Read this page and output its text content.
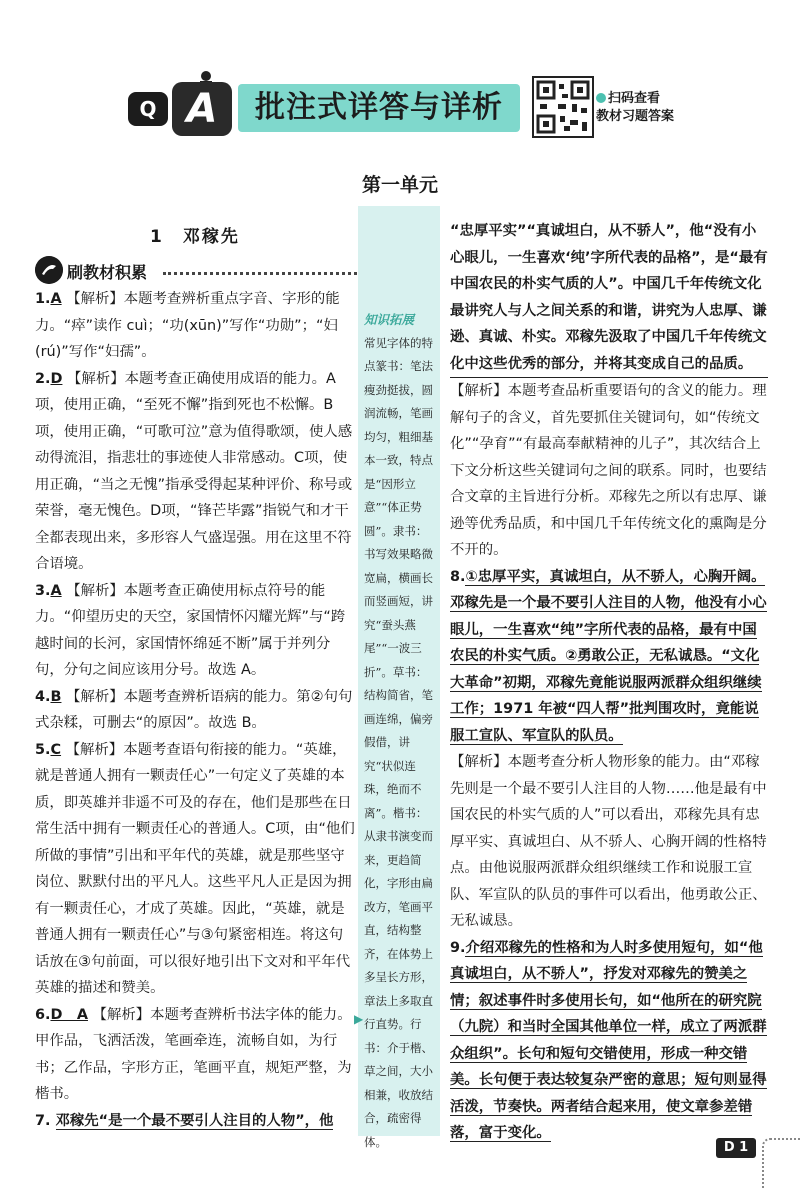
Q A	批注式详答与详析	扫码查看
教材习题答案
第一单元
1　邓稼先
刷教材积累

1.A 【解析】本题考查辨析重点字音、字形的能力。“瘁”读作 cuì；“功(xūn)”写作“功勋”；“妇(rú)”写作“妇孺”。

2.D 【解析】本题考查正确使用成语的能力。A项，使用正确，“至死不懈”指到死也不松懈。B项，使用正确，“可歌可泣”意为值得歌颂，使人感动得流泪，指悲壮的事迹使人非常感动。C项，使用正确，“当之无愧”指承受得起某种评价、称号或荣誉，毫无愧色。D项，“锋芒毕露”指锐气和才干全都表现出来，多形容人气盛逞强。用在这里不符合语境。

3.A 【解析】本题考查正确使用标点符号的能力。“仰望历史的天空，家国情怀闪耀光辉”与“跨越时间的长河，家国情怀绵延不断”属于并列分句，分句之间应该用分号。故选 A。

4.B 【解析】本题考查辨析语病的能力。第②句句式杂糅，可删去“的原因”。故选 B。

5.C 【解析】本题考查语句衔接的能力。“英雄，就是普通人拥有一颗责任心”一句定义了英雄的本质，即英雄并非遥不可及的存在，他们是那些在日常生活中拥有一颗责任心的普通人。C项，由“他们所做的事情”引出和平年代的英雄，就是那些坚守岗位、默默付出的平凡人。这些平凡人正是因为拥有一颗责任心，才成了英雄。因此，“英雄，就是普通人拥有一颗责任心”与③句紧密相连。将这句话放在③句前面，可以很好地引出下文对和平年代英雄的描述和赞美。

6.D　A 【解析】本题考查辨析书法字体的能力。甲作品，飞洒活泼，笔画牵连，流畅自如，为行书；乙作品，字形方正，笔画平直，规矩严整，为楷书。

7. 邓稼先“是一个最不要引人注目的人物”，他

知识拓展
常见字体的特点篆书：笔法瘦劲挺拔，圆润流畅，笔画均匀，粗细基本一致，特点是“因形立意”“体正势圆”。隶书：书写效果略微宽扁，横画长而竖画短，讲究“蚕头燕尾”“一波三折”。草书：结构简省，笔画连绵，偏旁假借，讲究“状似连珠，绝而不离”。楷书：从隶书演变而来，更趋简化，字形由扁改方，笔画平直，结构整齐，在体势上多呈长方形，章法上多取直行直势。行书：介于楷、草之间，大小相兼，收放结合，疏密得体。
▶

“忠厚平实”“真诚坦白，从不骄人”，他“没有小心眼儿，一生喜欢‘纯’字所代表的品格”，是“最有中国农民的朴实气质的人”。中国几千年传统文化最讲究人与人之间关系的和谐，讲究为人忠厚、谦逊、真诚、朴实。邓稼先汲取了中国几千年传统文化中这些优秀的部分，并将其变成自己的品质。

【解析】本题考查品析重要语句的含义的能力。理解句子的含义，首先要抓住关键词句，如“传统文化”“孕育”“有最高奉献精神的儿子”，其次结合上下文分析这些关键词句之间的联系。同时，也要结合文章的主旨进行分析。邓稼先之所以有忠厚、谦逊等优秀品质，和中国几千年传统文化的熏陶是分不开的。

8.①忠厚平实，真诚坦白，从不骄人，心胸开阔。邓稼先是一个最不要引人注目的人物，他没有小心眼儿，一生喜欢“纯”字所代表的品格，最有中国农民的朴实气质。②勇敢公正，无私诚恳。“文化大革命”初期，邓稼先竟能说服两派群众组织继续工作；1971 年被“四人帮”批判围攻时，竟能说服工宣队、军宣队的队员。

【解析】本题考查分析人物形象的能力。由“邓稼先则是一个最不要引人注目的人物……他是最有中国农民的朴实气质的人”可以看出，邓稼先具有忠厚平实、真诚坦白、从不骄人、心胸开阔的性格特点。由他说服两派群众组织继续工作和说服工宣队、军宣队的队员的事件可以看出，他勇敢公正、无私诚恳。

9.介绍邓稼先的性格和为人时多使用短句，如“他真诚坦白，从不骄人”，抒发对邓稼先的赞美之情；叙述事件时多使用长句，如“他所在的研究院（九院）和当时全国其他单位一样，成立了两派群众组织”。长句和短句交错使用，形成一种交错美。长句便于表达较复杂严密的意思；短句则显得活泼，节奏快。两者结合起来用，使文章参差错落，富于变化。

D 1
